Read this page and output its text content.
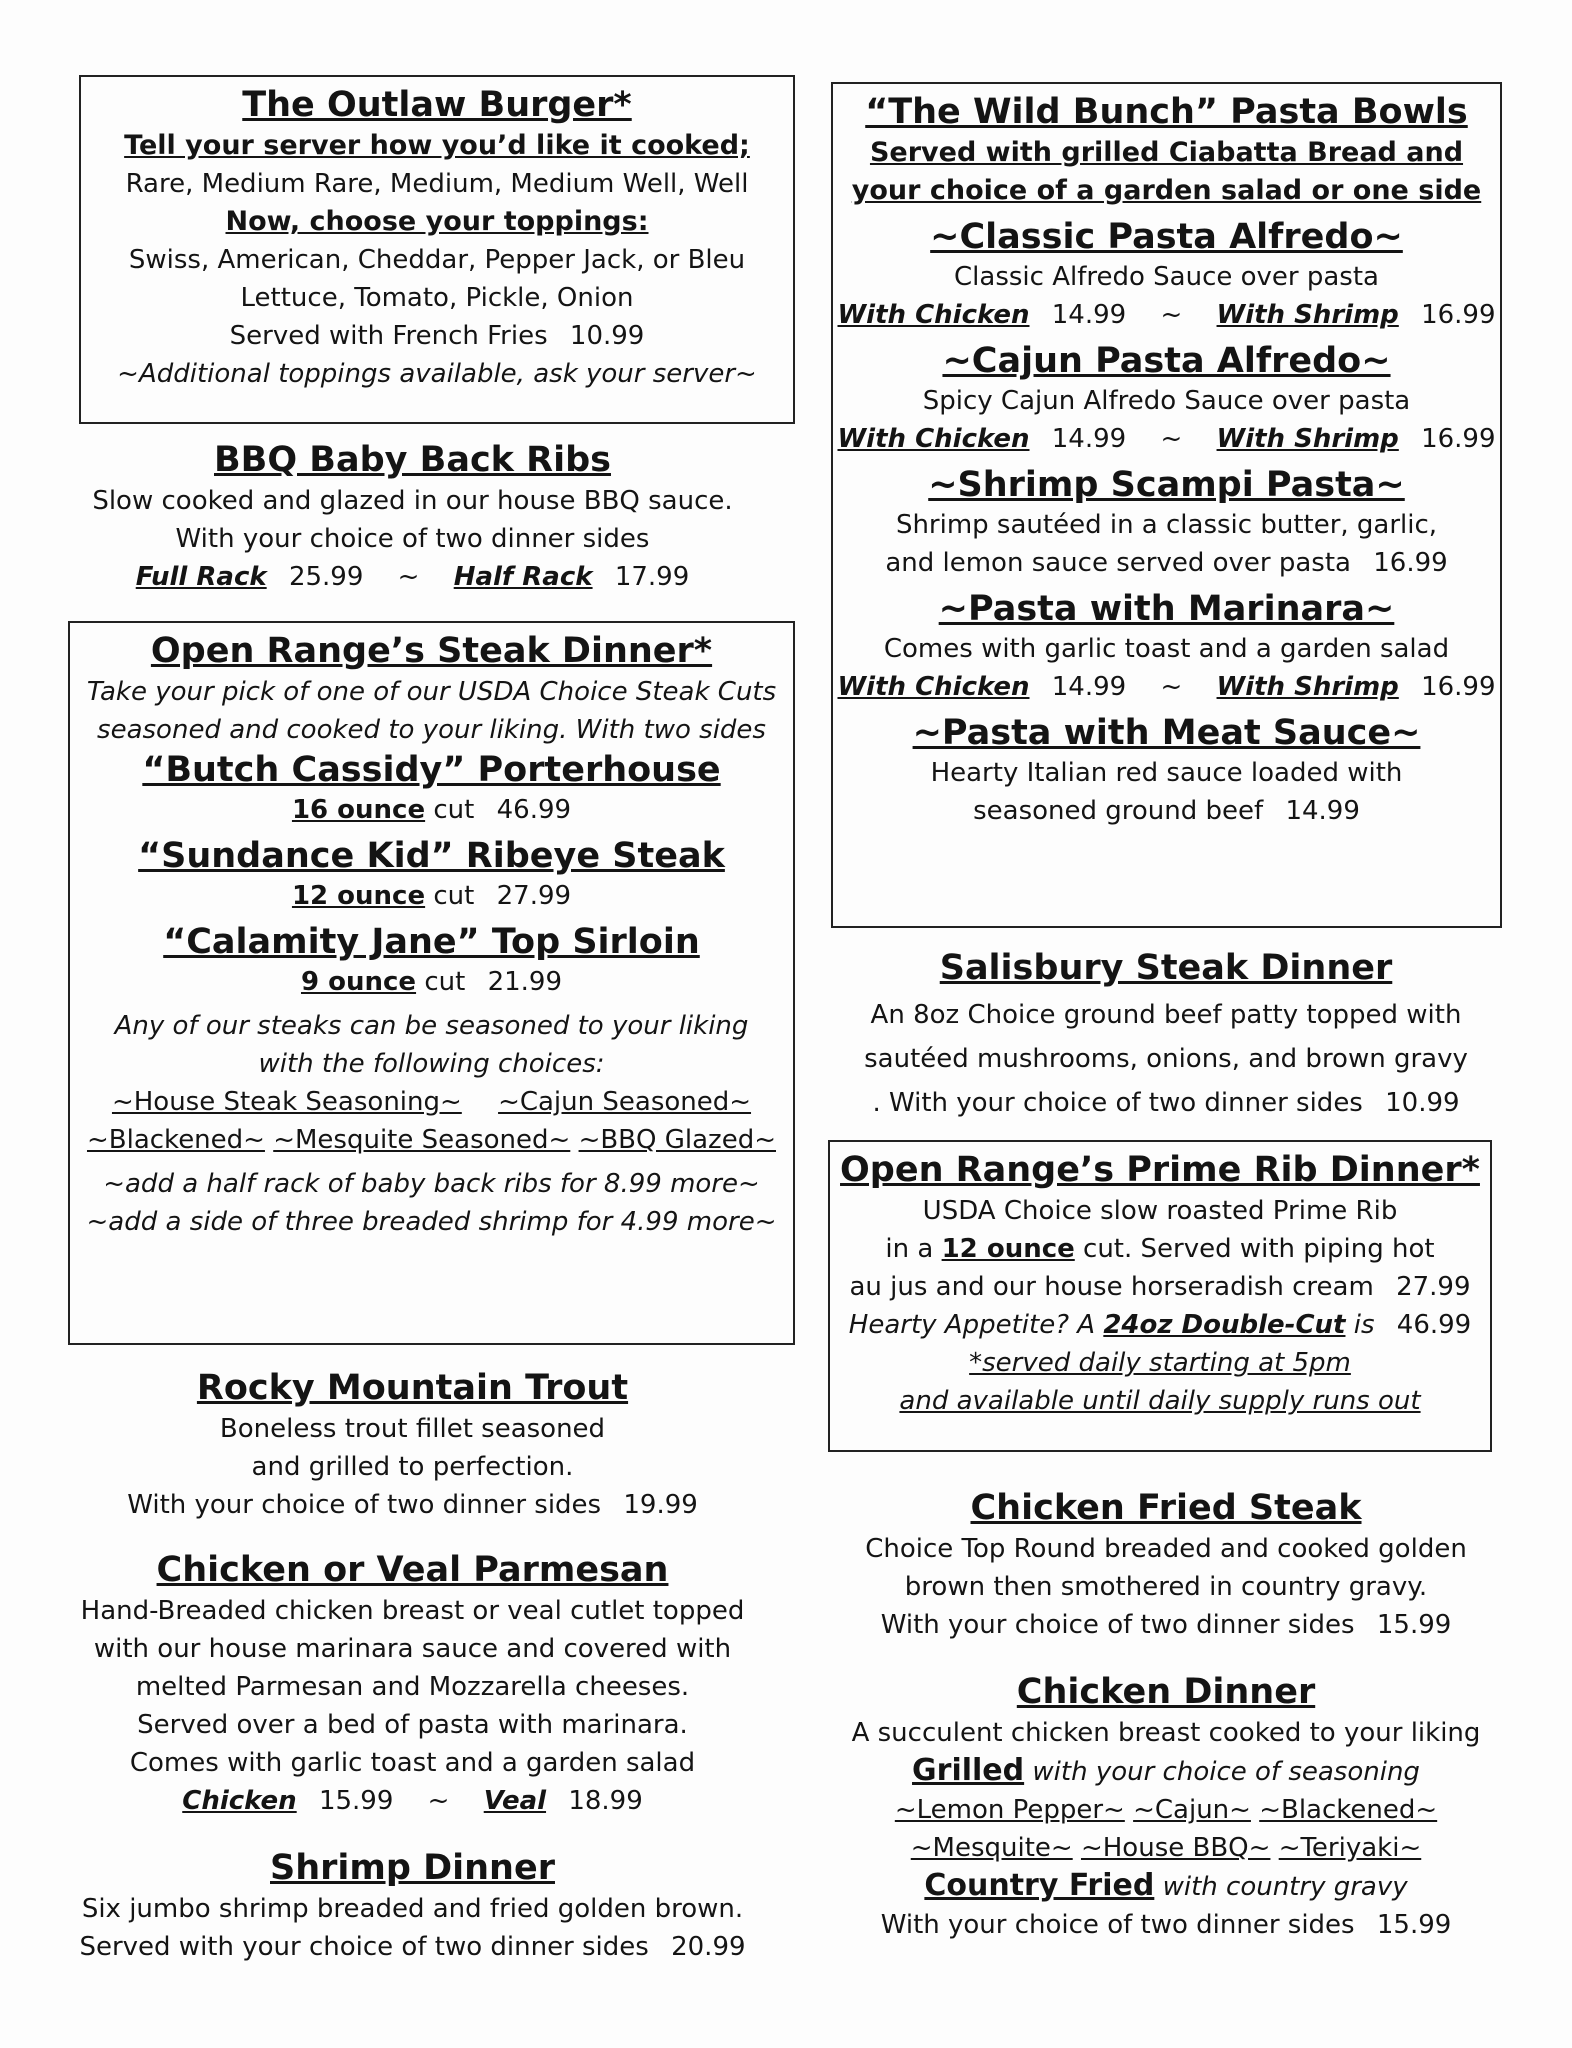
The Outlaw Burger*
Tell your server how you’d like it cooked;
Rare, Medium Rare, Medium, Medium Well, Well
Now, choose your toppings:
Swiss, American, Cheddar, Pepper Jack, or Bleu
Lettuce, Tomato, Pickle, Onion
Served with French Fries 10.99
~Additional toppings available, ask your server~
BBQ Baby Back Ribs
Slow cooked and glazed in our house BBQ sauce.
With your choice of two dinner sides
Full Rack 25.99 ~ Half Rack 17.99
Open Range’s Steak Dinner*
Take your pick of one of our USDA Choice Steak Cuts
seasoned and cooked to your liking. With two sides
“Butch Cassidy” Porterhouse
16 ounce cut 46.99
“Sundance Kid” Ribeye Steak
12 ounce cut 27.99
“Calamity Jane” Top Sirloin
9 ounce cut 21.99
Any of our steaks can be seasoned to your liking
with the following choices:
~House Steak Seasoning~ ~Cajun Seasoned~
~Blackened~ ~Mesquite Seasoned~ ~BBQ Glazed~
~add a half rack of baby back ribs for 8.99 more~
~add a side of three breaded shrimp for 4.99 more~
Rocky Mountain Trout
Boneless trout fillet seasoned
and grilled to perfection.
With your choice of two dinner sides 19.99
Chicken or Veal Parmesan
Hand-Breaded chicken breast or veal cutlet topped
with our house marinara sauce and covered with
melted Parmesan and Mozzarella cheeses.
Served over a bed of pasta with marinara.
Comes with garlic toast and a garden salad
Chicken 15.99 ~ Veal 18.99
Shrimp Dinner
Six jumbo shrimp breaded and fried golden brown.
Served with your choice of two dinner sides 20.99
“The Wild Bunch” Pasta Bowls
Served with grilled Ciabatta Bread and
your choice of a garden salad or one side
~Classic Pasta Alfredo~
Classic Alfredo Sauce over pasta
With Chicken 14.99 ~ With Shrimp 16.99
~Cajun Pasta Alfredo~
Spicy Cajun Alfredo Sauce over pasta
With Chicken 14.99 ~ With Shrimp 16.99
~Shrimp Scampi Pasta~
Shrimp sautéed in a classic butter, garlic,
and lemon sauce served over pasta 16.99
~Pasta with Marinara~
Comes with garlic toast and a garden salad
With Chicken 14.99 ~ With Shrimp 16.99
~Pasta with Meat Sauce~
Hearty Italian red sauce loaded with
seasoned ground beef 14.99
Salisbury Steak Dinner
An 8oz Choice ground beef patty topped with
sautéed mushrooms, onions, and brown gravy
. With your choice of two dinner sides 10.99
Open Range’s Prime Rib Dinner*
USDA Choice slow roasted Prime Rib
in a 12 ounce cut. Served with piping hot
au jus and our house horseradish cream 27.99
Hearty Appetite? A 24oz Double-Cut is 46.99
*served daily starting at 5pm
and available until daily supply runs out
Chicken Fried Steak
Choice Top Round breaded and cooked golden
brown then smothered in country gravy.
With your choice of two dinner sides 15.99
Chicken Dinner
A succulent chicken breast cooked to your liking
Grilled with your choice of seasoning
~Lemon Pepper~ ~Cajun~ ~Blackened~
~Mesquite~ ~House BBQ~ ~Teriyaki~
Country Fried with country gravy
With your choice of two dinner sides 15.99
